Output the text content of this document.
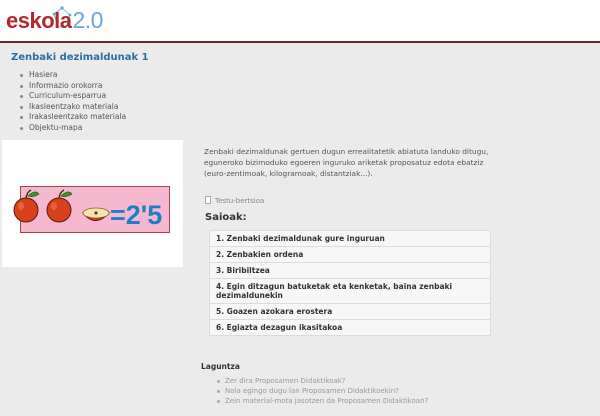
eskola2.0
Zenbaki dezimaldunak 1
Hasiera
Informazio orokorra
Curriculum-esparrua
Ikasleentzako materiala
Irakasleentzako materiala
Objektu-mapa
=2'5

Zenbaki dezimaldunak gertuen dugun errealitatetik abiatuta landuko ditugu, eguneroko bizimoduko egoeren inguruko ariketak proposatuz edota ebatziz (euro-zentimoak, kilogramoak, distantziak...).

Testu-bertsioa
Saioak:
1. Zenbaki dezimaldunak gure inguruan
2. Zenbakien ordena
3. Biribiltzea
4. Egin ditzagun batuketak eta kenketak, baina zenbaki dezimaldunekin
5. Goazen azokara erostera
6. Egiazta dezagun ikasitakoa
Laguntza
Zer dira Proposamen Didaktikoak?
Nola egingo dugu lan Proposamen Didaktikoekin?
Zein material-mota jasotzen da Proposamen Didaktikoan?
